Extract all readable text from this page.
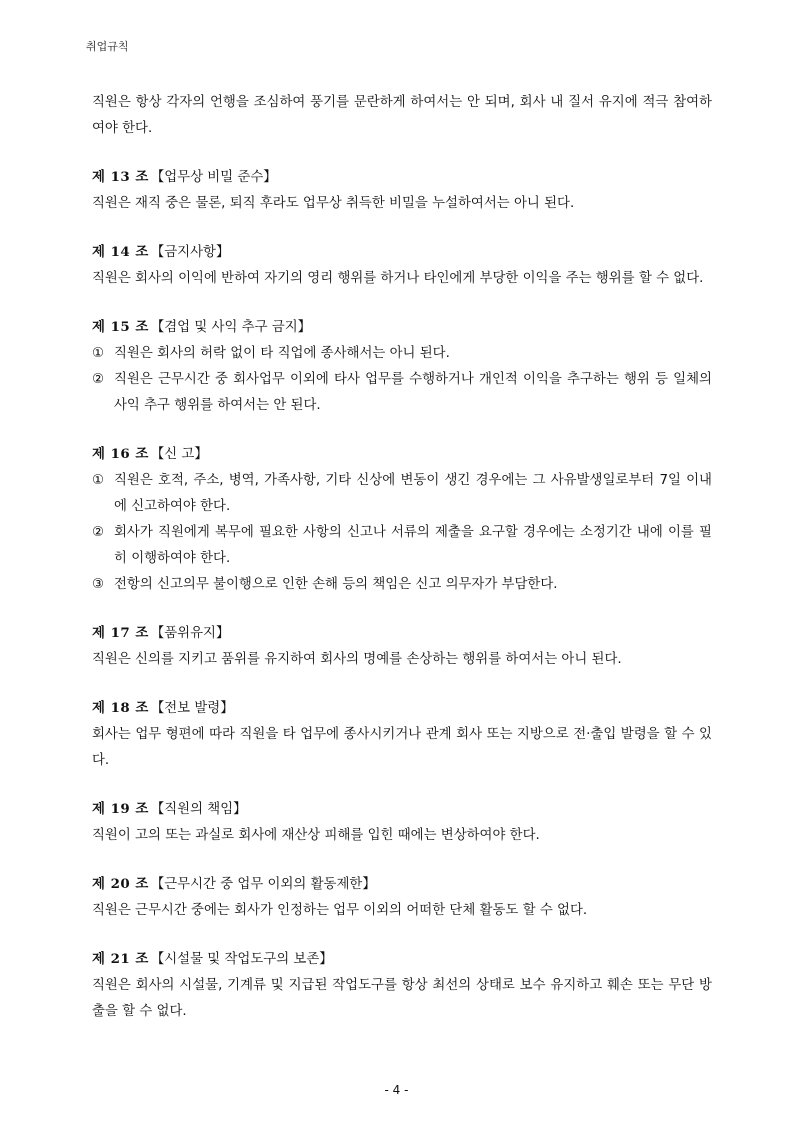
취업규칙

직원은 항상 각자의 언행을 조심하여 풍기를 문란하게 하여서는 안 되며, 회사 내 질서 유지에 적극 참여하여야 한다.

제 13 조 【업무상 비밀 준수】

직원은 재직 중은 물론, 퇴직 후라도 업무상 취득한 비밀을 누설하여서는 아니 된다.

제 14 조 【금지사항】

직원은 회사의 이익에 반하여 자기의 영리 행위를 하거나 타인에게 부당한 이익을 주는 행위를 할 수 없다.

제 15 조 【겸업 및 사익 추구 금지】
① 직원은 회사의 허락 없이 타 직업에 종사해서는 아니 된다.
② 직원은 근무시간 중 회사업무 이외에 타사 업무를 수행하거나 개인적 이익을 추구하는 행위 등 일체의 사익 추구 행위를 하여서는 안 된다.
제 16 조 【신 고】
① 직원은 호적, 주소, 병역, 가족사항, 기타 신상에 변동이 생긴 경우에는 그 사유발생일로부터 7일 이내에 신고하여야 한다.
② 회사가 직원에게 복무에 필요한 사항의 신고나 서류의 제출을 요구할 경우에는 소정기간 내에 이를 필히 이행하여야 한다.
③ 전항의 신고의무 불이행으로 인한 손해 등의 책임은 신고 의무자가 부담한다.
제 17 조 【품위유지】

직원은 신의를 지키고 품위를 유지하여 회사의 명예를 손상하는 행위를 하여서는 아니 된다.

제 18 조 【전보 발령】

회사는 업무 형편에 따라 직원을 타 업무에 종사시키거나 관계 회사 또는 지방으로 전·출입 발령을 할 수 있다.

제 19 조 【직원의 책임】

직원이 고의 또는 과실로 회사에 재산상 피해를 입힌 때에는 변상하여야 한다.

제 20 조 【근무시간 중 업무 이외의 활동제한】

직원은 근무시간 중에는 회사가 인정하는 업무 이외의 어떠한 단체 활동도 할 수 없다.

제 21 조 【시설물 및 작업도구의 보존】

직원은 회사의 시설물, 기계류 및 지급된 작업도구를 항상 최선의 상태로 보수 유지하고 훼손 또는 무단 방출을 할 수 없다.

- 4 -
